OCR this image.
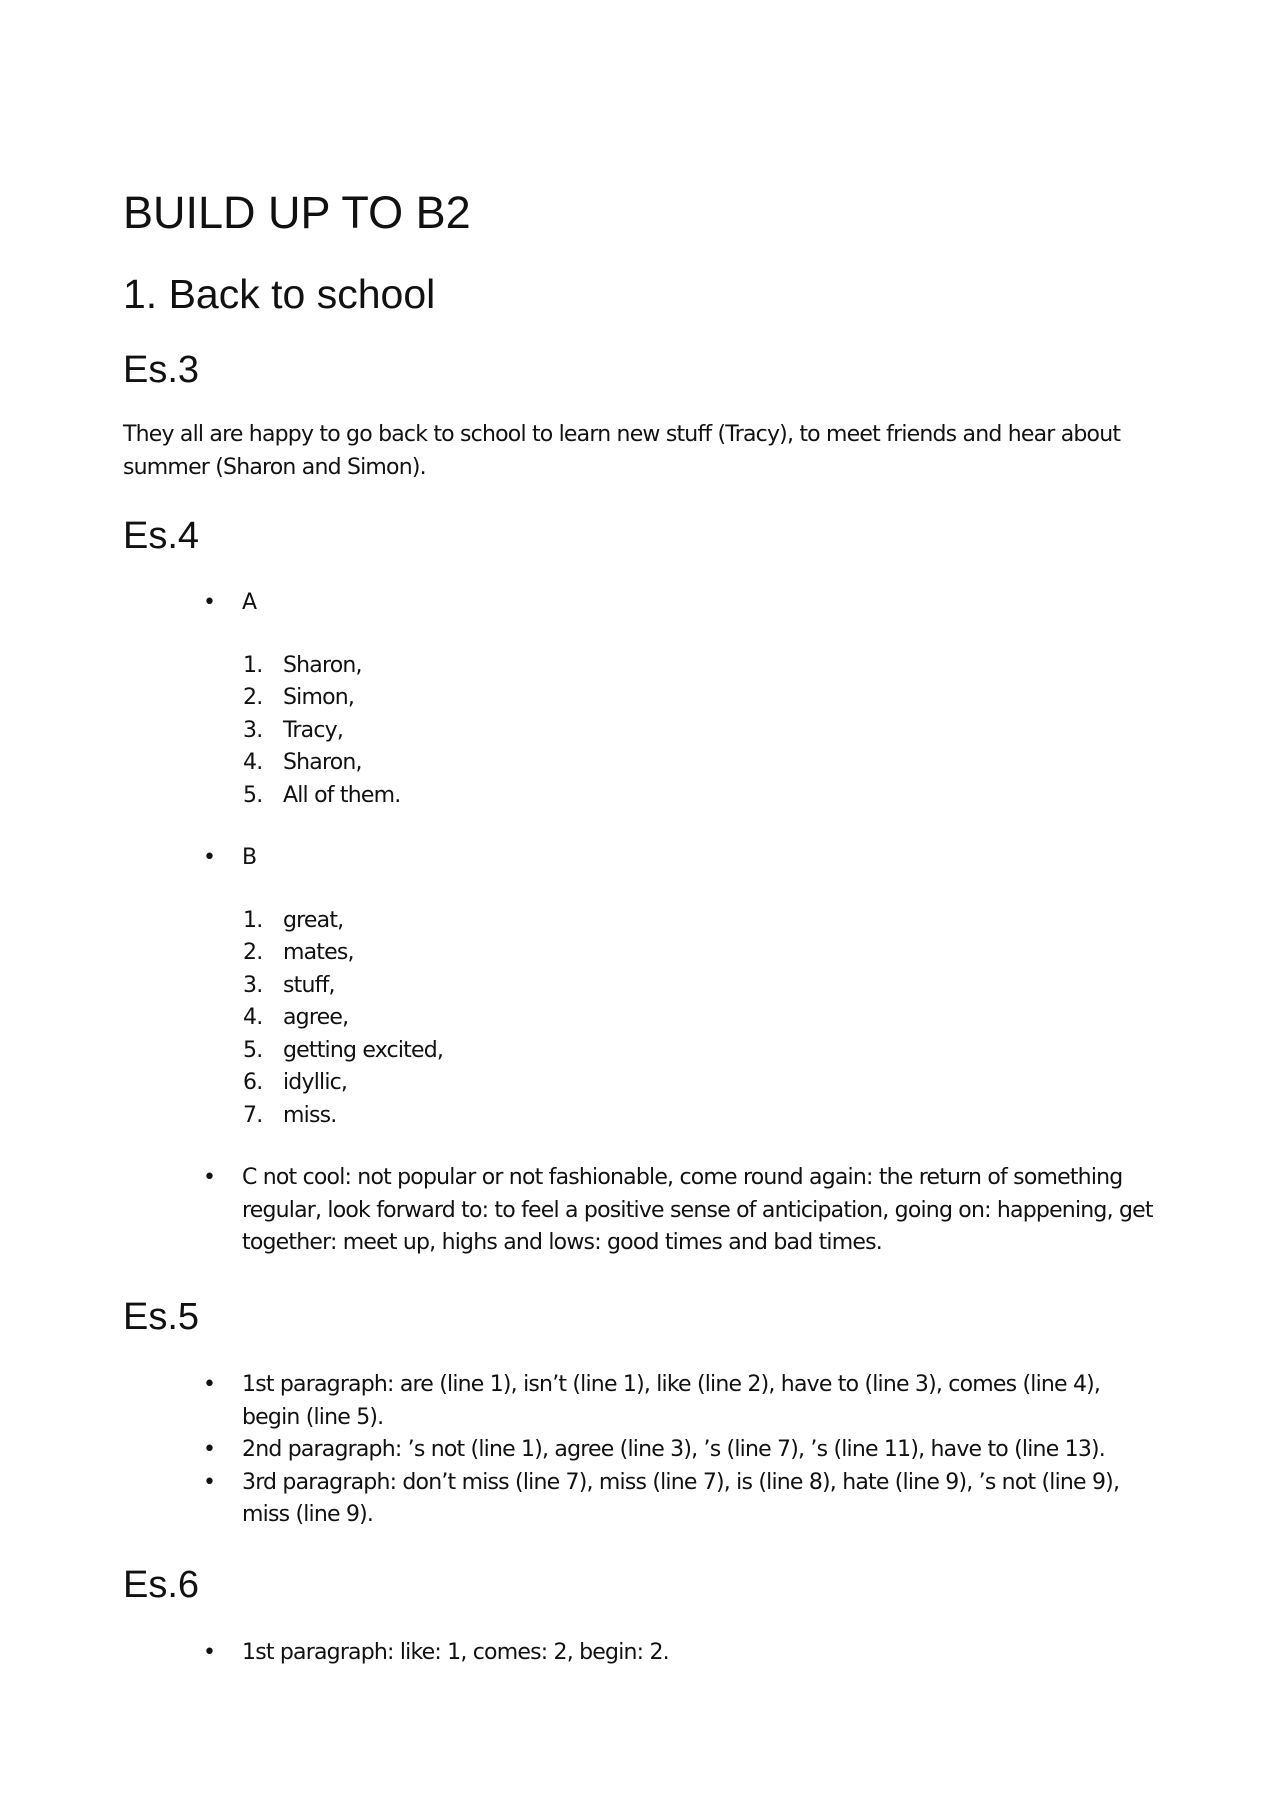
BUILD UP TO B2
1. Back to school
Es.3

They all are happy to go back to school to learn new stuff (Tracy), to meet friends and hear about summer (Sharon and Simon).

Es.4
• A
1. Sharon,
2. Simon,
3. Tracy,
4. Sharon,
5. All of them.
• B
1. great,
2. mates,
3. stuff,
4. agree,
5. getting excited,
6. idyllic,
7. miss.
• C not cool: not popular or not fashionable, come round again: the return of something regular, look forward to: to feel a positive sense of anticipation, going on: happening, get together: meet up, highs and lows: good times and bad times.
Es.5
• 1st paragraph: are (line 1), isn’t (line 1), like (line 2), have to (line 3), comes (line 4), begin (line 5).
• 2nd paragraph: ’s not (line 1), agree (line 3), ’s (line 7), ’s (line 11), have to (line 13).
• 3rd paragraph: don’t miss (line 7), miss (line 7), is (line 8), hate (line 9), ’s not (line 9), miss (line 9).
Es.6
• 1st paragraph: like: 1, comes: 2, begin: 2.
